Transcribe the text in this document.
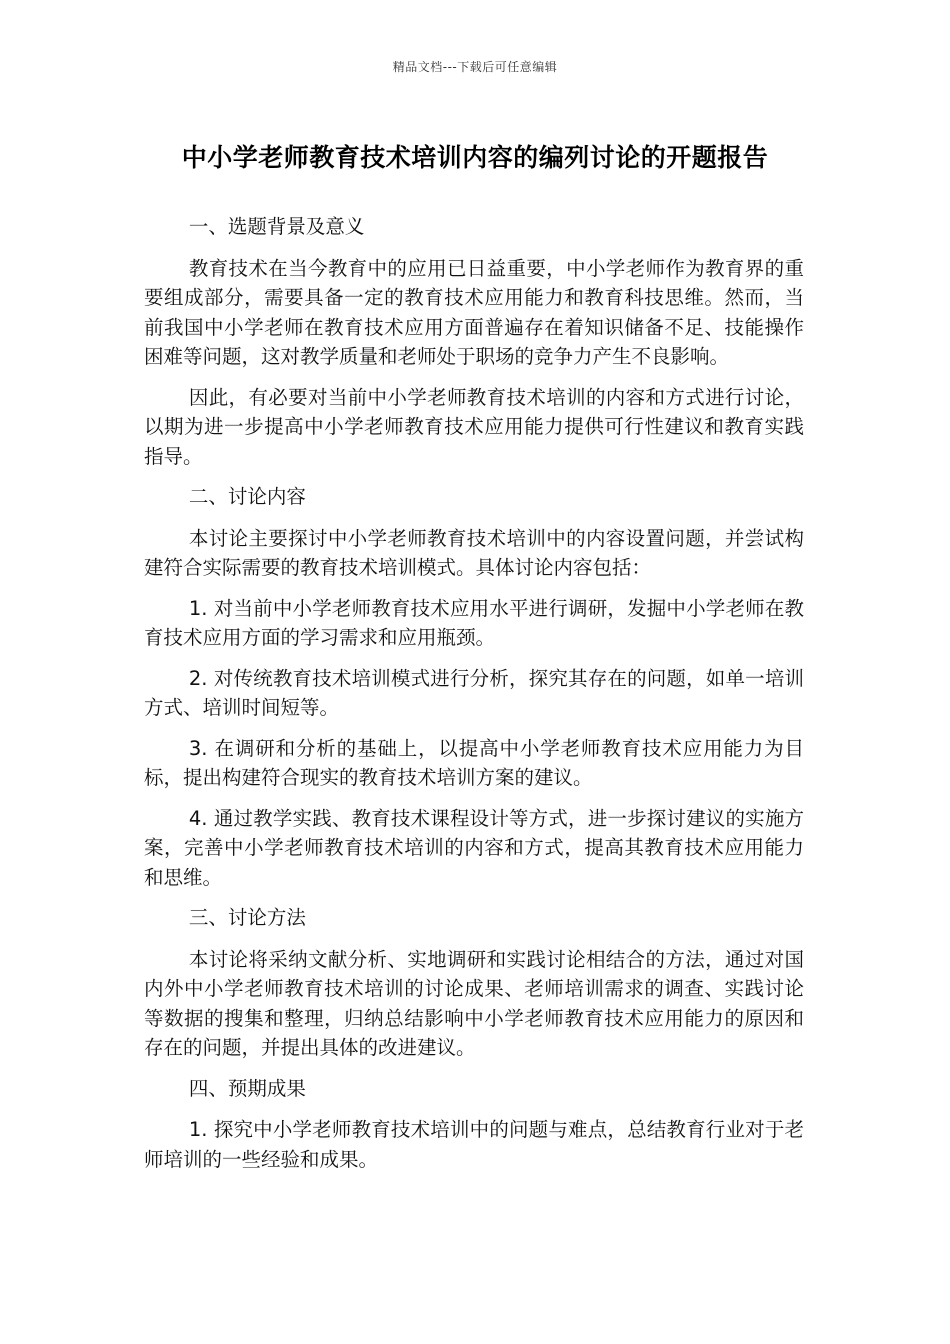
精品文档---下载后可任意编辑
中小学老师教育技术培训内容的编列讨论的开题报告

一、选题背景及意义

教育技术在当今教育中的应用已日益重要，中小学老师作为教育界的重要组成部分，需要具备一定的教育技术应用能力和教育科技思维。然而，当前我国中小学老师在教育技术应用方面普遍存在着知识储备不足、技能操作困难等问题，这对教学质量和老师处于职场的竞争力产生不良影响。

因此，有必要对当前中小学老师教育技术培训的内容和方式进行讨论，以期为进一步提高中小学老师教育技术应用能力提供可行性建议和教育实践指导。

二、讨论内容

本讨论主要探讨中小学老师教育技术培训中的内容设置问题，并尝试构建符合实际需要的教育技术培训模式。具体讨论内容包括：

1. 对当前中小学老师教育技术应用水平进行调研，发掘中小学老师在教育技术应用方面的学习需求和应用瓶颈。

2. 对传统教育技术培训模式进行分析，探究其存在的问题，如单一培训方式、培训时间短等。

3. 在调研和分析的基础上，以提高中小学老师教育技术应用能力为目标，提出构建符合现实的教育技术培训方案的建议。

4. 通过教学实践、教育技术课程设计等方式，进一步探讨建议的实施方案，完善中小学老师教育技术培训的内容和方式，提高其教育技术应用能力和思维。

三、讨论方法

本讨论将采纳文献分析、实地调研和实践讨论相结合的方法，通过对国内外中小学老师教育技术培训的讨论成果、老师培训需求的调查、实践讨论等数据的搜集和整理，归纳总结影响中小学老师教育技术应用能力的原因和存在的问题，并提出具体的改进建议。

四、预期成果

1. 探究中小学老师教育技术培训中的问题与难点，总结教育行业对于老师培训的一些经验和成果。
